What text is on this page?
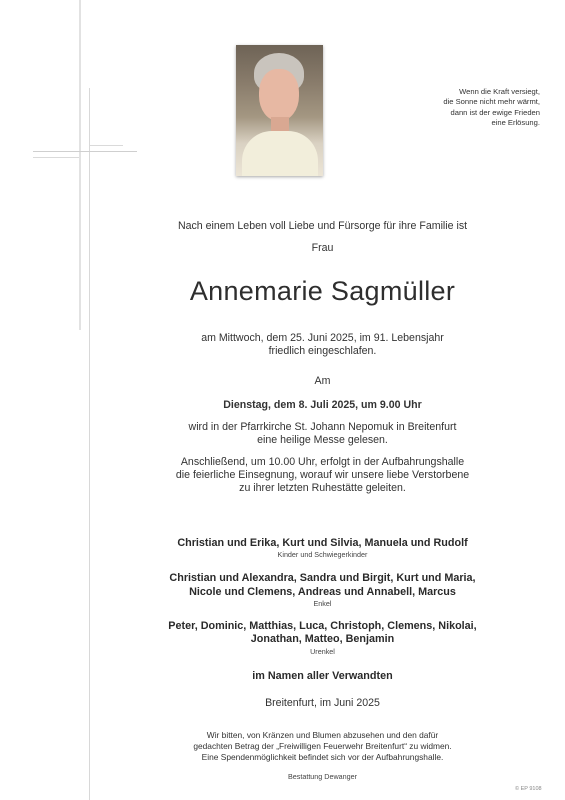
Wenn die Kraft versiegt,
die Sonne nicht mehr wärmt,
dann ist der ewige Frieden
eine Erlösung.
Nach einem Leben voll Liebe und Fürsorge für ihre Familie ist
Frau
Annemarie Sagmüller
am Mittwoch, dem 25. Juni 2025, im 91. Lebensjahr
friedlich eingeschlafen.
Am
Dienstag, dem 8. Juli 2025, um 9.00 Uhr
wird in der Pfarrkirche St. Johann Nepomuk in Breitenfurt
eine heilige Messe gelesen.
Anschließend, um 10.00 Uhr, erfolgt in der Aufbahrungshalle
die feierliche Einsegnung, worauf wir unsere liebe Verstorbene
zu ihrer letzten Ruhestätte geleiten.
Christian und Erika, Kurt und Silvia, Manuela und Rudolf
Kinder und Schwiegerkinder
Christian und Alexandra, Sandra und Birgit, Kurt und Maria,
Nicole und Clemens, Andreas und Annabell, Marcus
Enkel
Peter, Dominic, Matthias, Luca, Christoph, Clemens, Nikolai,
Jonathan, Matteo, Benjamin
Urenkel
im Namen aller Verwandten
Breitenfurt, im Juni 2025
Wir bitten, von Kränzen und Blumen abzusehen und den dafür
gedachten Betrag der „Freiwilligen Feuerwehr Breitenfurt“ zu widmen.
Eine Spendenmöglichkeit befindet sich vor der Aufbahrungshalle.
Bestattung Dewanger
© EP 9108
